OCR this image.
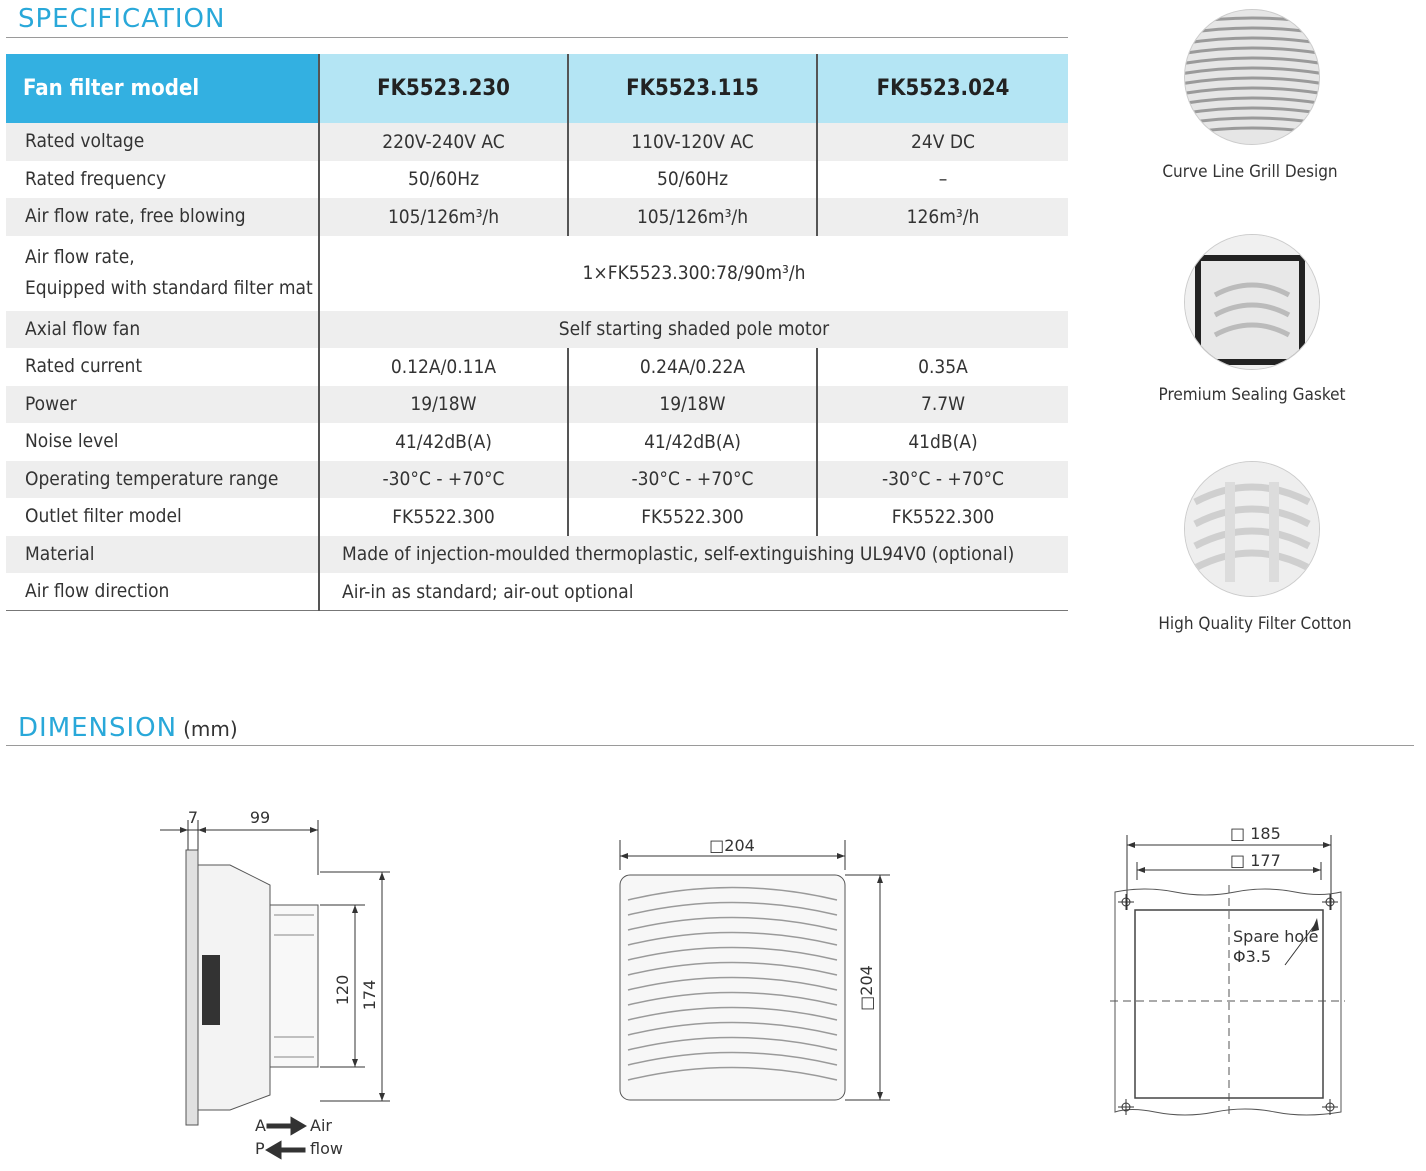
SPECIFICATION
Fan filter model	FK5523.230	FK5523.115	FK5523.024
Rated voltage	220V-240V AC	110V-120V AC	24V DC
Rated frequency	50/60Hz	50/60Hz	–
Air flow rate, free blowing	105/126m³/h	105/126m³/h	126m³/h
Air flow rate,
Equipped with standard filter mat	1×FK5523.300:78/90m³/h		
Axial flow fan	Self starting shaded pole motor		
Rated current	0.12A/0.11A	0.24A/0.22A	0.35A
Power	19/18W	19/18W	7.7W
Noise level	41/42dB(A)	41/42dB(A)	41dB(A)
Operating temperature range	-30°C - +70°C	-30°C - +70°C	-30°C - +70°C
Outlet filter model	FK5522.300	FK5522.300	FK5522.300
Material	Made of injection-moulded thermoplastic, self-extinguishing UL94V0 (optional)		
Air flow direction	Air-in as standard; air-out optional		
Curve Line Grill Design
Premium Sealing Gasket
High Quality Filter Cotton
DIMENSION (mm)
7	99
120 174
A
P
Air
flow
□204
□204
□ 185
□ 177
Spare hole
Φ3.5
